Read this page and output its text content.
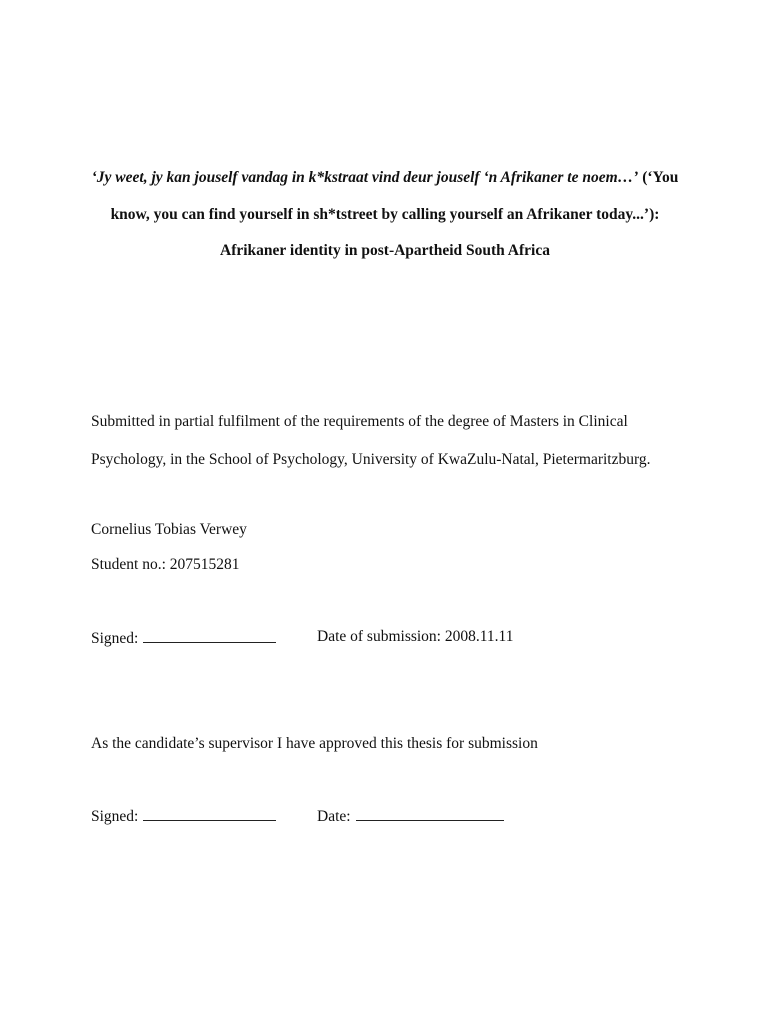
‘Jy weet, jy kan jouself vandag in k*kstraat vind deur jouself ‘n Afrikaner te noem…’ (‘You
know, you can find yourself in sh*tstreet by calling yourself an Afrikaner today...’):
Afrikaner identity in post-Apartheid South Africa
Submitted in partial fulfilment of the requirements of the degree of Masters in Clinical
Psychology, in the School of Psychology, University of KwaZulu-Natal, Pietermaritzburg.
Cornelius Tobias Verwey
Student no.: 207515281
Signed:	Date of submission: 2008.11.11
As the candidate’s supervisor I have approved this thesis for submission
Signed:	Date:
